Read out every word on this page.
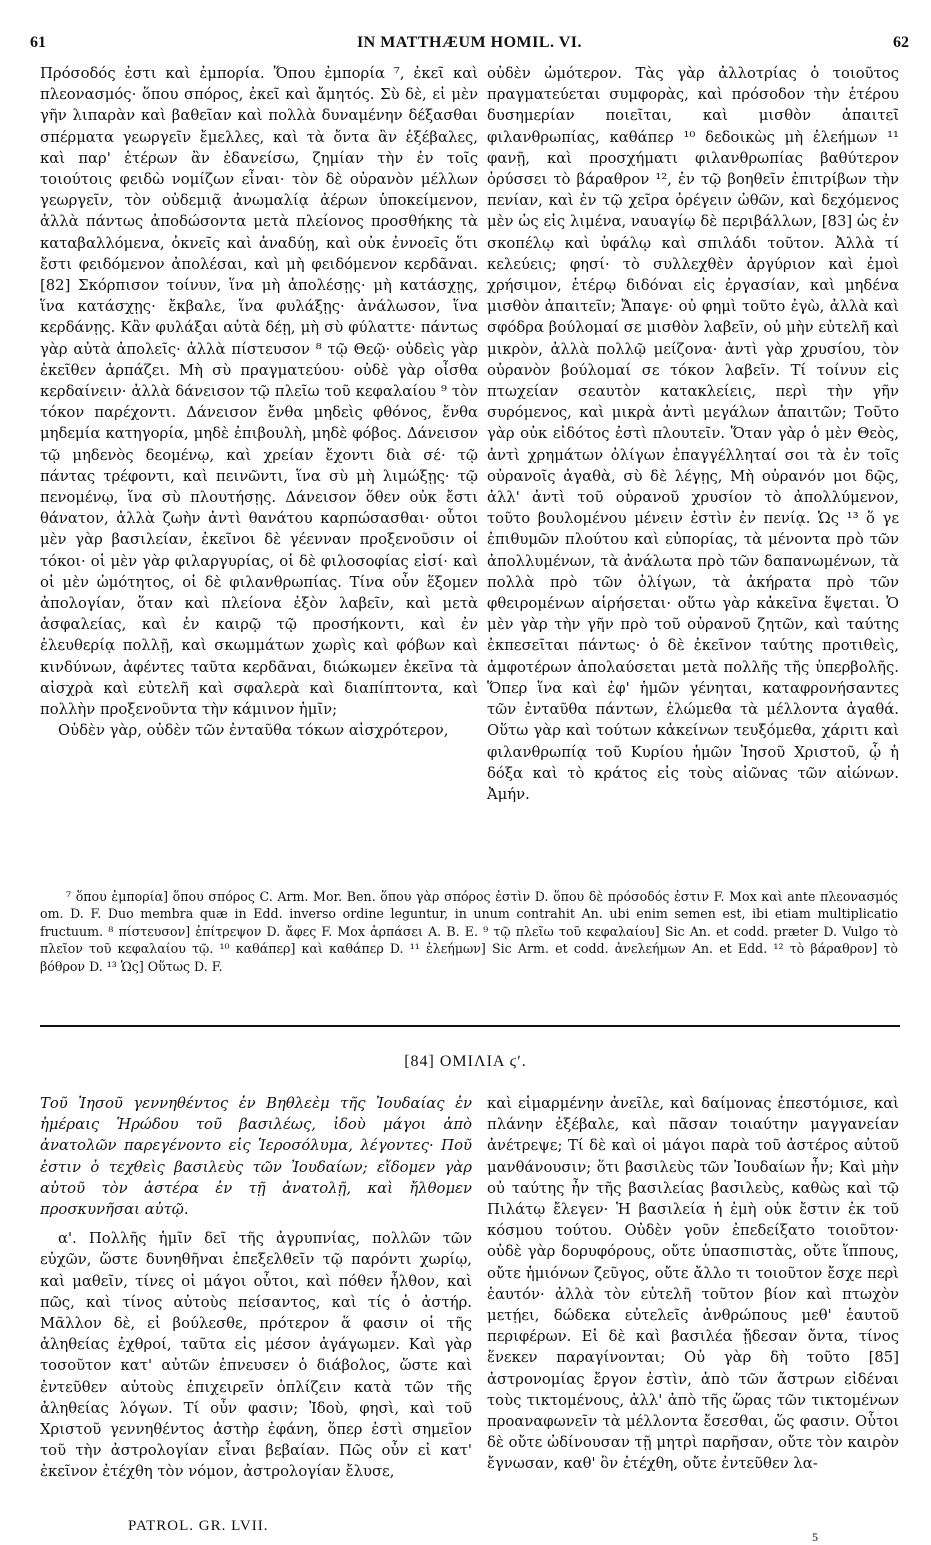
61	IN MATTHÆUM HOMIL. VI.	62

Πρόσοδός ἐστι καὶ ἐμπορία. Ὅπου ἐμπορία ⁷, ἐκεῖ καὶ πλεονασμός· ὅπου σπόρος, ἐκεῖ καὶ ἄμητός. Σὺ δὲ, εἰ μὲν γῆν λιπαρὰν καὶ βαθεῖαν καὶ πολλὰ δυναμένην δέξασθαι σπέρματα γεωργεῖν ἔμελλες, καὶ τὰ ὄντα ἂν ἐξέβαλες, καὶ παρ' ἑτέρων ἂν ἐδανείσω, ζημίαν τὴν ἐν τοῖς τοιούτοις φειδὼ νομίζων εἶναι· τὸν δὲ οὐρανὸν μέλλων γεωργεῖν, τὸν οὐδεμιᾷ ἀνωμαλίᾳ ἀέρων ὑποκείμενον, ἀλλὰ πάντως ἀποδώσοντα μετὰ πλείονος προσθήκης τὰ καταβαλλόμενα, ὀκνεῖς καὶ ἀναδύῃ, καὶ οὐκ ἐννοεῖς ὅτι ἔστι φειδόμενον ἀπολέσαι, καὶ μὴ φειδόμενον κερδᾶναι. [82] Σκόρπισον τοίνυν, ἵνα μὴ ἀπολέσῃς· μὴ κατάσχῃς, ἵνα κατάσχῃς· ἔκβαλε, ἵνα φυλάξῃς· ἀνάλωσον, ἵνα κερδάνῃς. Κἂν φυλάξαι αὐτὰ δέῃ, μὴ σὺ φύλαττε· πάντως γὰρ αὐτὰ ἀπολεῖς· ἀλλὰ πίστευσον ⁸ τῷ Θεῷ· οὐδεὶς γὰρ ἐκεῖθεν ἁρπάζει. Μὴ σὺ πραγματεύου· οὐδὲ γὰρ οἶσθα κερδαίνειν· ἀλλὰ δάνεισον τῷ πλεῖω τοῦ κεφαλαίου ⁹ τὸν τόκον παρέχοντι. Δάνεισον ἔνθα μηδεὶς φθόνος, ἔνθα μηδεμία κατηγορία, μηδὲ ἐπιβουλὴ, μηδὲ φόβος. Δάνεισον τῷ μηδενὸς δεομένῳ, καὶ χρείαν ἔχοντι διὰ σέ· τῷ πάντας τρέφοντι, καὶ πεινῶντι, ἵνα σὺ μὴ λιμώξῃς· τῷ πενομένῳ, ἵνα σὺ πλουτήσῃς. Δάνεισον ὅθεν οὐκ ἔστι θάνατον, ἀλλὰ ζωὴν ἀντὶ θανάτου καρπώσασθαι· οὗτοι μὲν γὰρ βασιλείαν, ἐκεῖνοι δὲ γέενναν προξενοῦσιν οἱ τόκοι· οἱ μὲν γὰρ φιλαργυρίας, οἱ δὲ φιλοσοφίας εἰσί· καὶ οἱ μὲν ὠμότητος, οἱ δὲ φιλανθρωπίας. Τίνα οὖν ἕξομεν ἀπολογίαν, ὅταν καὶ πλείονα ἐξὸν λαβεῖν, καὶ μετὰ ἀσφαλείας, καὶ ἐν καιρῷ τῷ προσήκοντι, καὶ ἐν ἐλευθερίᾳ πολλῇ, καὶ σκωμμάτων χωρὶς καὶ φόβων καὶ κινδύνων, ἀφέντες ταῦτα κερδᾶναι, διώκωμεν ἐκεῖνα τὰ αἰσχρὰ καὶ εὐτελῆ καὶ σφαλερὰ καὶ διαπίπτοντα, καὶ πολλὴν προξενοῦντα τὴν κάμινον ἡμῖν;

Οὐδὲν γὰρ, οὐδὲν τῶν ἐνταῦθα τόκων αἰσχρότερον,

οὐδὲν ὠμότερον. Τὰς γὰρ ἀλλοτρίας ὁ τοιοῦτος πραγματεύεται συμφορὰς, καὶ πρόσοδον τὴν ἑτέρου δυσημερίαν ποιεῖται, καὶ μισθὸν ἀπαιτεῖ φιλανθρωπίας, καθάπερ ¹⁰ δεδοικὼς μὴ ἐλεήμων ¹¹ φανῇ, καὶ προσχήματι φιλανθρωπίας βαθύτερον ὀρύσσει τὸ βάραθρον ¹², ἐν τῷ βοηθεῖν ἐπιτρίβων τὴν πενίαν, καὶ ἐν τῷ χεῖρα ὀρέγειν ὠθῶν, καὶ δεχόμενος μὲν ὡς εἰς λιμένα, ναυαγίῳ δὲ περιβάλλων, [83] ὡς ἐν σκοπέλῳ καὶ ὑφάλῳ καὶ σπιλάδι τοῦτον. Ἀλλὰ τί κελεύεις; φησί· τὸ συλλεχθὲν ἀργύριον καὶ ἐμοὶ χρήσιμον, ἑτέρῳ διδόναι εἰς ἐργασίαν, καὶ μηδένα μισθὸν ἀπαιτεῖν; Ἄπαγε· οὐ φημὶ τοῦτο ἐγὼ, ἀλλὰ καὶ σφόδρα βούλομαί σε μισθὸν λαβεῖν, οὐ μὴν εὐτελῆ καὶ μικρὸν, ἀλλὰ πολλῷ μείζονα· ἀντὶ γὰρ χρυσίου, τὸν οὐρανὸν βούλομαί σε τόκον λαβεῖν. Τί τοίνυν εἰς πτωχείαν σεαυτὸν κατακλείεις, περὶ τὴν γῆν συρόμενος, καὶ μικρὰ ἀντὶ μεγάλων ἀπαιτῶν; Τοῦτο γὰρ οὐκ εἰδότος ἐστὶ πλουτεῖν. Ὅταν γὰρ ὁ μὲν Θεὸς, ἀντὶ χρημάτων ὀλίγων ἐπαγγέλληταί σοι τὰ ἐν τοῖς οὐρανοῖς ἀγαθὰ, σὺ δὲ λέγῃς, Μὴ οὐρανόν μοι δῷς, ἀλλ' ἀντὶ τοῦ οὐρανοῦ χρυσίον τὸ ἀπολλύμενον, τοῦτο βουλομένου μένειν ἐστὶν ἐν πενίᾳ. Ὡς ¹³ ὅ γε ἐπιθυμῶν πλούτου καὶ εὐπορίας, τὰ μένοντα πρὸ τῶν ἀπολλυμένων, τὰ ἀνάλωτα πρὸ τῶν δαπανωμένων, τὰ πολλὰ πρὸ τῶν ὀλίγων, τὰ ἀκήρατα πρὸ τῶν φθειρομένων αἱρήσεται· οὕτω γὰρ κἀκεῖνα ἕψεται. Ὁ μὲν γὰρ τὴν γῆν πρὸ τοῦ οὐρανοῦ ζητῶν, καὶ ταύτης ἐκπεσεῖται πάντως· ὁ δὲ ἐκεῖνον ταύτης προτιθεὶς, ἀμφοτέρων ἀπολαύσεται μετὰ πολλῆς τῆς ὑπερβολῆς. Ὅπερ ἵνα καὶ ἐφ' ἡμῶν γένηται, καταφρονήσαντες τῶν ἐνταῦθα πάντων, ἑλώμεθα τὰ μέλλοντα ἀγαθά. Οὕτω γὰρ καὶ τούτων κἀκείνων τευξόμεθα, χάριτι καὶ φιλανθρωπίᾳ τοῦ Κυρίου ἡμῶν Ἰησοῦ Χριστοῦ, ᾧ ἡ δόξα καὶ τὸ κράτος εἰς τοὺς αἰῶνας τῶν αἰώνων. Ἀμήν.

⁷ ὅπου ἐμπορία] ὅπου σπόρος C. Arm. Mor. Ben. ὅπου γὰρ σπόρος ἐστὶν D. ὅπου δὲ πρόσοδός ἐστιν F. Mox καὶ ante πλεονασμός om. D. F. Duo membra quæ in Edd. inverso ordine leguntur, in unum contrahit An. ubi enim semen est, ibi etiam multiplicatio fructuum. ⁸ πίστευσον] ἐπίτρεψον D. ἄφες F. Mox ἁρπάσει A. B. E. ⁹ τῷ πλεῖω τοῦ κεφαλαίου] Sic An. et codd. præter D. Vulgo τὸ πλεῖον τοῦ κεφαλαίου τῷ. ¹⁰ καθάπερ] καὶ καθάπερ D. ¹¹ ἐλεήμων] Sic Arm. et codd. ἀνελεήμων An. et Edd. ¹² τὸ βάραθρον] τὸ βόθρον D. ¹³ Ὡς] Οὕτως D. F.

[84] ΟΜΙΛΙΑ ϛʹ.

Τοῦ Ἰησοῦ γεννηθέντος ἐν Βηθλεὲμ τῆς Ἰουδαίας ἐν ἡμέραις Ἡρώδου τοῦ βασιλέως, ἰδοὺ μάγοι ἀπὸ ἀνατολῶν παρεγένοντο εἰς Ἱεροσόλυμα, λέγοντες· Ποῦ ἐστιν ὁ τεχθεὶς βασιλεὺς τῶν Ἰουδαίων; εἴδομεν γὰρ αὐτοῦ τὸν ἀστέρα ἐν τῇ ἀνατολῇ, καὶ ἤλθομεν προσκυνῆσαι αὐτῷ.

α'. Πολλῆς ἡμῖν δεῖ τῆς ἀγρυπνίας, πολλῶν τῶν εὐχῶν, ὥστε δυνηθῆναι ἐπεξελθεῖν τῷ παρόντι χωρίῳ, καὶ μαθεῖν, τίνες οἱ μάγοι οὗτοι, καὶ πόθεν ἦλθον, καὶ πῶς, καὶ τίνος αὐτοὺς πείσαντος, καὶ τίς ὁ ἀστήρ. Μᾶλλον δὲ, εἰ βούλεσθε, πρότερον ἅ φασιν οἱ τῆς ἀληθείας ἐχθροί, ταῦτα εἰς μέσον ἀγάγωμεν. Καὶ γὰρ τοσοῦτον κατ' αὐτῶν ἐπνευσεν ὁ διάβολος, ὥστε καὶ ἐντεῦθεν αὐτοὺς ἐπιχειρεῖν ὁπλίζειν κατὰ τῶν τῆς ἀληθείας λόγων. Τί οὖν φασιν; Ἰδοὺ, φησὶ, καὶ τοῦ Χριστοῦ γεννηθέντος ἀστὴρ ἐφάνη, ὅπερ ἐστὶ σημεῖον τοῦ τὴν ἀστρολογίαν εἶναι βεβαίαν. Πῶς οὖν εἰ κατ' ἐκεῖνον ἐτέχθη τὸν νόμον, ἀστρολογίαν ἔλυσε,

καὶ εἱμαρμένην ἀνεῖλε, καὶ δαίμονας ἐπεστόμισε, καὶ πλάνην ἐξέβαλε, καὶ πᾶσαν τοιαύτην μαγγανείαν ἀνέτρεψε; Τί δὲ καὶ οἱ μάγοι παρὰ τοῦ ἀστέρος αὐτοῦ μανθάνουσιν; ὅτι βασιλεὺς τῶν Ἰουδαίων ἦν; Καὶ μὴν οὐ ταύτης ἦν τῆς βασιλείας βασιλεὺς, καθὼς καὶ τῷ Πιλάτῳ ἔλεγεν· Ἡ βασιλεία ἡ ἐμὴ οὐκ ἔστιν ἐκ τοῦ κόσμου τούτου. Οὐδὲν γοῦν ἐπεδείξατο τοιοῦτον· οὐδὲ γὰρ δορυφόρους, οὔτε ὑπασπιστὰς, οὔτε ἵππους, οὔτε ἡμιόνων ζεῦγος, οὔτε ἄλλο τι τοιοῦτον ἔσχε περὶ ἑαυτόν· ἀλλὰ τὸν εὐτελῆ τοῦτον βίον καὶ πτωχὸν μετῄει, δώδεκα εὐτελεῖς ἀνθρώπους μεθ' ἑαυτοῦ περιφέρων. Εἰ δὲ καὶ βασιλέα ᾔδεσαν ὄντα, τίνος ἕνεκεν παραγίνονται; Οὐ γὰρ δὴ τοῦτο [85] ἀστρονομίας ἔργον ἐστὶν, ἀπὸ τῶν ἄστρων εἰδέναι τοὺς τικτομένους, ἀλλ' ἀπὸ τῆς ὥρας τῶν τικτομένων προαναφωνεῖν τὰ μέλλοντα ἔσεσθαι, ὥς φασιν. Οὗτοι δὲ οὔτε ὠδίνουσαν τῇ μητρὶ παρῆσαν, οὔτε τὸν καιρὸν ἔγνωσαν, καθ' ὃν ἐτέχθη, οὔτε ἐντεῦθεν λα-

PATROL. GR. LVII.
5
